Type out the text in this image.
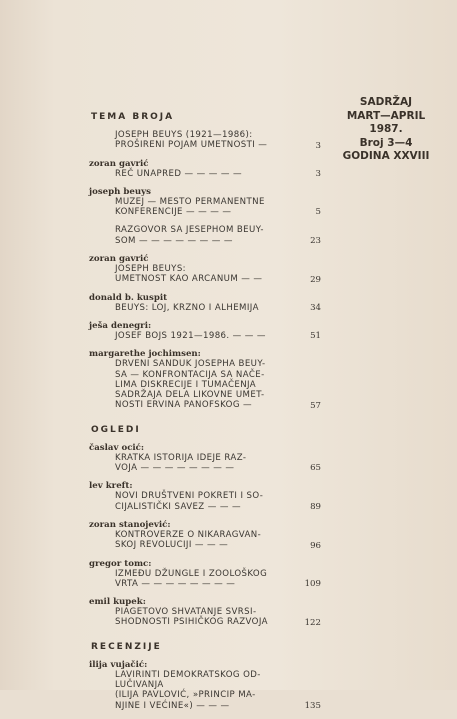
SADRŽAJ
MART—APRIL
1987.
Broj 3—4
GODINA XXVIII
TEMA BROJA
JOSEPH BEUYS (1921—1986):
PROŠIRENI POJAM UMETNOSTI —	3
zoran gavrić
REČ UNAPRED — — — — —	3
joseph beuys
MUZEJ — MESTO PERMANENTNE
KONFERENCIJE — — — —	5
RAZGOVOR SA JESEPHOM BEUY-
SOM — — — — — — — —	23
zoran gavrić
JOSEPH BEUYS:
UMETNOST KAO ARCANUM — —	29
donald b. kuspit
BEUYS: LOJ, KRZNO I ALHEMIJA	34
ješa denegri:
JOSEF BOJS 1921—1986. — — —	51
margarethe jochimsen:
DRVENI SANDUK JOSEPHA BEUY-
SA — KONFRONTACIJA SA NAČE-
LIMA DISKRECIJE I TUMAČENJA
SADRŽAJA DELA LIKOVNE UMET-
NOSTI ERVINA PANOFSKOG —	57
OGLEDI
časlav ocić:
KRATKA ISTORIJA IDEJE RAZ-
VOJA — — — — — — — —	65
lev kreft:
NOVI DRUŠTVENI POKRETI I SO-
CIJALISTIČKI SAVEZ — — —	89
zoran stanojević:
KONTROVERZE O NIKARAGVAN-
SKOJ REVOLUCIJI — — —	96
gregor tomc:
IZMEĐU DŽUNGLE I ZOOLOŠKOG
VRTA — — — — — — — —	109
emil kupek:
PIAGETOVO SHVATANJE SVRSI-
SHODNOSTI PSIHIČKOG RAZVOJA	122
RECENZIJE
ilija vujačić:
LAVIRINTI DEMOKRATSKOG OD-
LUČIVANJA
(ILIJA PAVLOVIĆ, »PRINCIP MA-
NJINE I VEĆINE«) — — —	135
